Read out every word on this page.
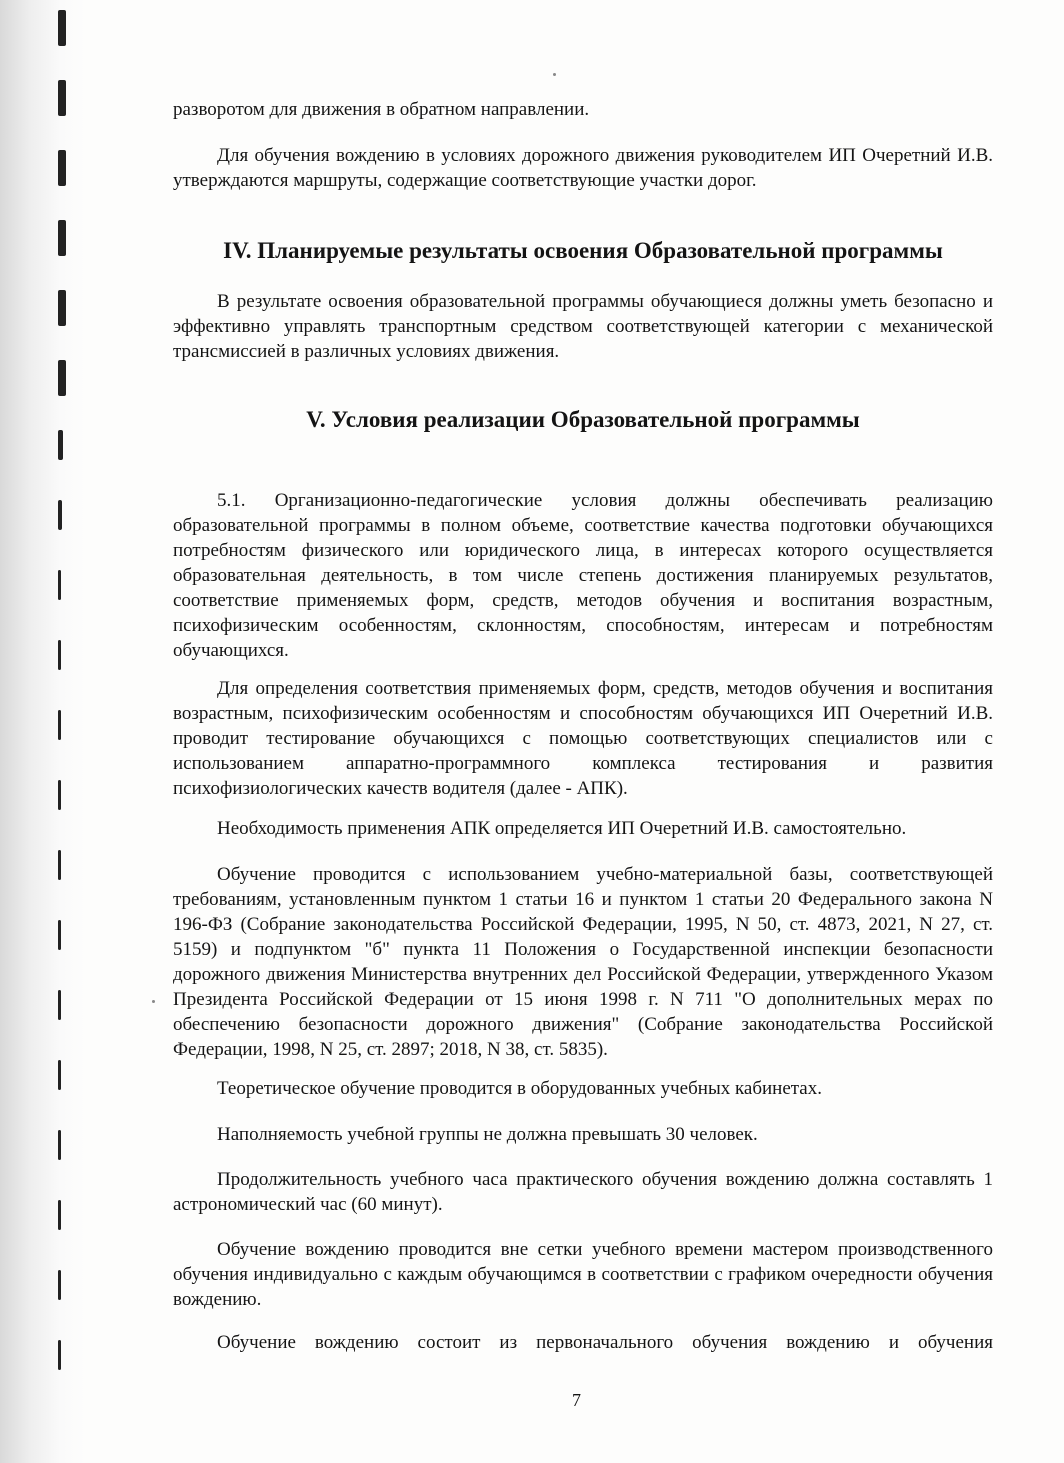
разворотом для движения в обратном направлении.

Для обучения вождению в условиях дорожного движения руководителем ИП Очеретний И.В. утверждаются маршруты, содержащие соответствующие участки дорог.

IV. Планируемые результаты освоения Образовательной программы

В результате освоения образовательной программы обучающиеся должны уметь безопасно и эффективно управлять транспортным средством соответствующей категории с механической трансмиссией в различных условиях движения.

V. Условия реализации Образовательной программы

5.1. Организационно-педагогические условия должны обеспечивать реализацию образовательной программы в полном объеме, соответствие качества подготовки обучающихся потребностям физического или юридического лица, в интересах которого осуществляется образовательная деятельность, в том числе степень достижения планируемых результатов, соответствие применяемых форм, средств, методов обучения и воспитания возрастным, психофизическим особенностям, склонностям, способностям, интересам и потребностям обучающихся.

Для определения соответствия применяемых форм, средств, методов обучения и воспитания возрастным, психофизическим особенностям и способностям обучающихся ИП Очеретний И.В. проводит тестирование обучающихся с помощью соответствующих специалистов или с использованием аппаратно-программного комплекса тестирования и развития психофизиологических качеств водителя (далее - АПК).

Необходимость применения АПК определяется ИП Очеретний И.В. самостоятельно.

Обучение проводится с использованием учебно-материальной базы, соответствующей требованиям, установленным пунктом 1 статьи 16 и пунктом 1 статьи 20 Федерального закона N 196-ФЗ (Собрание законодательства Российской Федерации, 1995, N 50, ст. 4873, 2021, N 27, ст. 5159) и подпунктом "б" пункта 11 Положения о Государственной инспекции безопасности дорожного движения Министерства внутренних дел Российской Федерации, утвержденного Указом Президента Российской Федерации от 15 июня 1998 г. N 711 "О дополнительных мерах по обеспечению безопасности дорожного движения" (Собрание законодательства Российской Федерации, 1998, N 25, ст. 2897; 2018, N 38, ст. 5835).

Теоретическое обучение проводится в оборудованных учебных кабинетах.

Наполняемость учебной группы не должна превышать 30 человек.

Продолжительность учебного часа практического обучения вождению должна составлять 1 астрономический час (60 минут).

Обучение вождению проводится вне сетки учебного времени мастером производственного обучения индивидуально с каждым обучающимся в соответствии с графиком очередности обучения вождению.

Обучение вождению состоит из первоначального обучения вождению и обучения

7
